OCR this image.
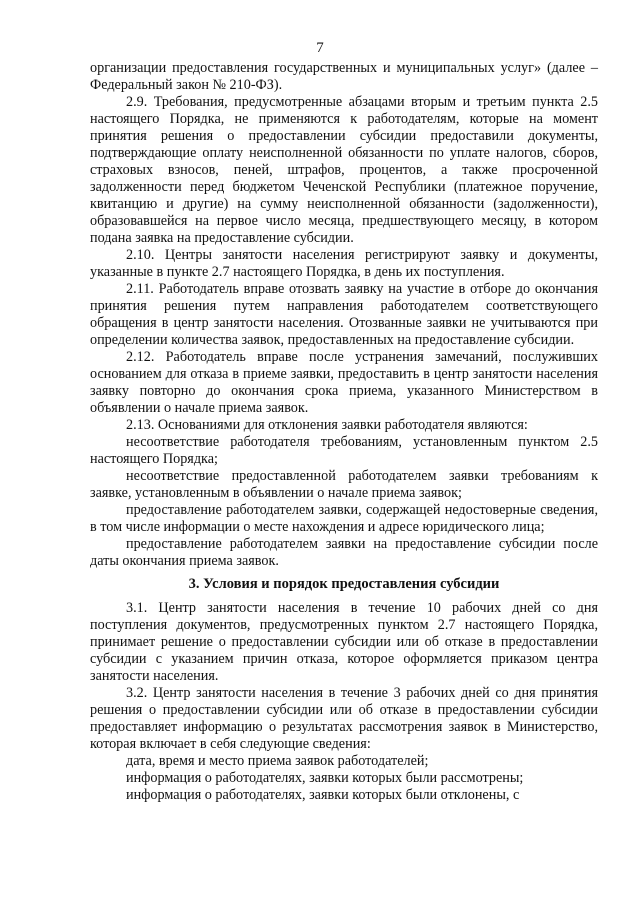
7

организации предоставления государственных и муниципальных услуг» (далее – Федеральный закон № 210-ФЗ).

2.9. Требования, предусмотренные абзацами вторым и третьим пункта 2.5 настоящего Порядка, не применяются к работодателям, которые на момент принятия решения о предоставлении субсидии предоставили документы, подтверждающие оплату неисполненной обязанности по уплате налогов, сборов, страховых взносов, пеней, штрафов, процентов, а также просроченной задолженности перед бюджетом Чеченской Республики (платежное поручение, квитанцию и другие) на сумму неисполненной обязанности (задолженности), образовавшейся на первое число месяца, предшествующего месяцу, в котором подана заявка на предоставление субсидии.

2.10. Центры занятости населения регистрируют заявку и документы, указанные в пункте 2.7 настоящего Порядка, в день их поступления.

2.11. Работодатель вправе отозвать заявку на участие в отборе до окончания принятия решения путем направления работодателем соответствующего обращения в центр занятости населения. Отозванные заявки не учитываются при определении количества заявок, предоставленных на предоставление субсидии.

2.12. Работодатель вправе после устранения замечаний, послуживших основанием для отказа в приеме заявки, предоставить в центр занятости населения заявку повторно до окончания срока приема, указанного Министерством в объявлении о начале приема заявок.

2.13. Основаниями для отклонения заявки работодателя являются:

несоответствие работодателя требованиям, установленным пунктом 2.5 настоящего Порядка;

несоответствие предоставленной работодателем заявки требованиям к заявке, установленным в объявлении о начале приема заявок;

предоставление работодателем заявки, содержащей недостоверные сведения, в том числе информации о месте нахождения и адресе юридического лица;

предоставление работодателем заявки на предоставление субсидии после даты окончания приема заявок.

3. Условия и порядок предоставления субсидии

3.1. Центр занятости населения в течение 10 рабочих дней со дня поступления документов, предусмотренных пунктом 2.7 настоящего Порядка, принимает решение о предоставлении субсидии или об отказе в предоставлении субсидии с указанием причин отказа, которое оформляется приказом центра занятости населения.

3.2. Центр занятости населения в течение 3 рабочих дней со дня принятия решения о предоставлении субсидии или об отказе в предоставлении субсидии предоставляет информацию о результатах рассмотрения заявок в Министерство, которая включает в себя следующие сведения:

дата, время и место приема заявок работодателей;

информация о работодателях, заявки которых были рассмотрены;

информация о работодателях, заявки которых были отклонены, с
